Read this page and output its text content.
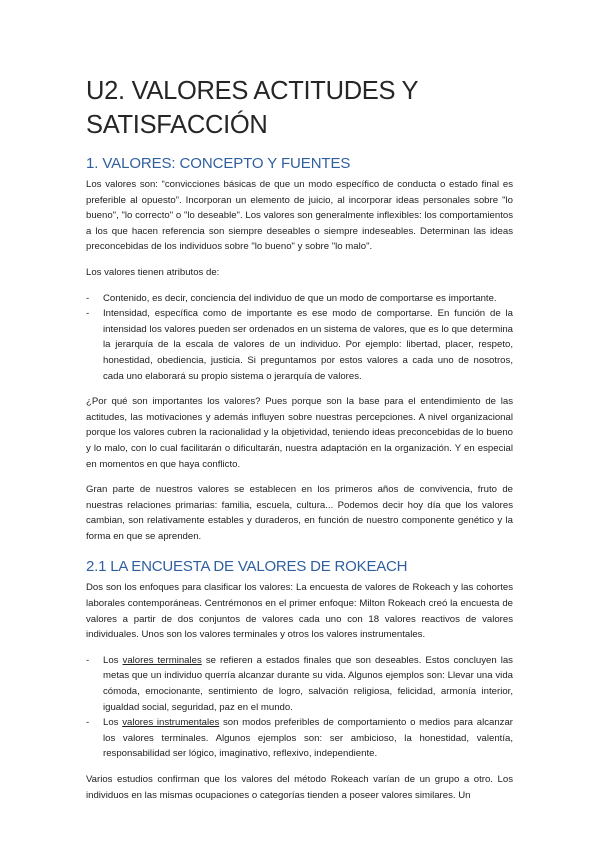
U2. VALORES ACTITUDES Y
SATISFACCIÓN
1. VALORES: CONCEPTO Y FUENTES

Los valores son: “convicciones básicas de que un modo específico de conducta o estado final es preferible al opuesto”. Incorporan un elemento de juicio, al incorporar ideas personales sobre "lo bueno", "lo correcto" o "lo deseable". Los valores son generalmente inflexibles: los comportamientos a los que hacen referencia son siempre deseables o siempre indeseables. Determinan las ideas preconcebidas de los individuos sobre "lo bueno" y sobre "lo malo".

Los valores tienen atributos de:

- Contenido, es decir, conciencia del individuo de que un modo de comportarse es importante.
- Intensidad, específica como de importante es ese modo de comportarse. En función de la intensidad los valores pueden ser ordenados en un sistema de valores, que es lo que determina la jerarquía de la escala de valores de un individuo. Por ejemplo: libertad, placer, respeto, honestidad, obediencia, justicia. Si preguntamos por estos valores a cada uno de nosotros, cada uno elaborará su propio sistema o jerarquía de valores.

¿Por qué son importantes los valores? Pues porque son la base para el entendimiento de las actitudes, las motivaciones y además influyen sobre nuestras percepciones. A nivel organizacional porque los valores cubren la racionalidad y la objetividad, teniendo ideas preconcebidas de lo bueno y lo malo, con lo cual facilitarán o dificultarán, nuestra adaptación en la organización. Y en especial en momentos en que haya conflicto.

Gran parte de nuestros valores se establecen en los primeros años de convivencia, fruto de nuestras relaciones primarias: familia, escuela, cultura... Podemos decir hoy día que los valores cambian, son relativamente estables y duraderos, en función de nuestro componente genético y la forma en que se aprenden.

2.1 LA ENCUESTA DE VALORES DE ROKEACH

Dos son los enfoques para clasificar los valores: La encuesta de valores de Rokeach y las cohortes laborales contemporáneas. Centrémonos en el primer enfoque: Milton Rokeach creó la encuesta de valores a partir de dos conjuntos de valores cada uno con 18 valores reactivos de valores individuales. Unos son los valores terminales y otros los valores instrumentales.

- Los valores terminales se refieren a estados finales que son deseables. Estos concluyen las metas que un individuo querría alcanzar durante su vida. Algunos ejemplos son: Llevar una vida cómoda, emocionante, sentimiento de logro, salvación religiosa, felicidad, armonía interior, igualdad social, seguridad, paz en el mundo.
- Los valores instrumentales son modos preferibles de comportamiento o medios para alcanzar los valores terminales. Algunos ejemplos son: ser ambicioso, la honestidad, valentía, responsabilidad ser lógico, imaginativo, reflexivo, independiente.

Varios estudios confirman que los valores del método Rokeach varían de un grupo a otro. Los individuos en las mismas ocupaciones o categorías tienden a poseer valores similares. Un
